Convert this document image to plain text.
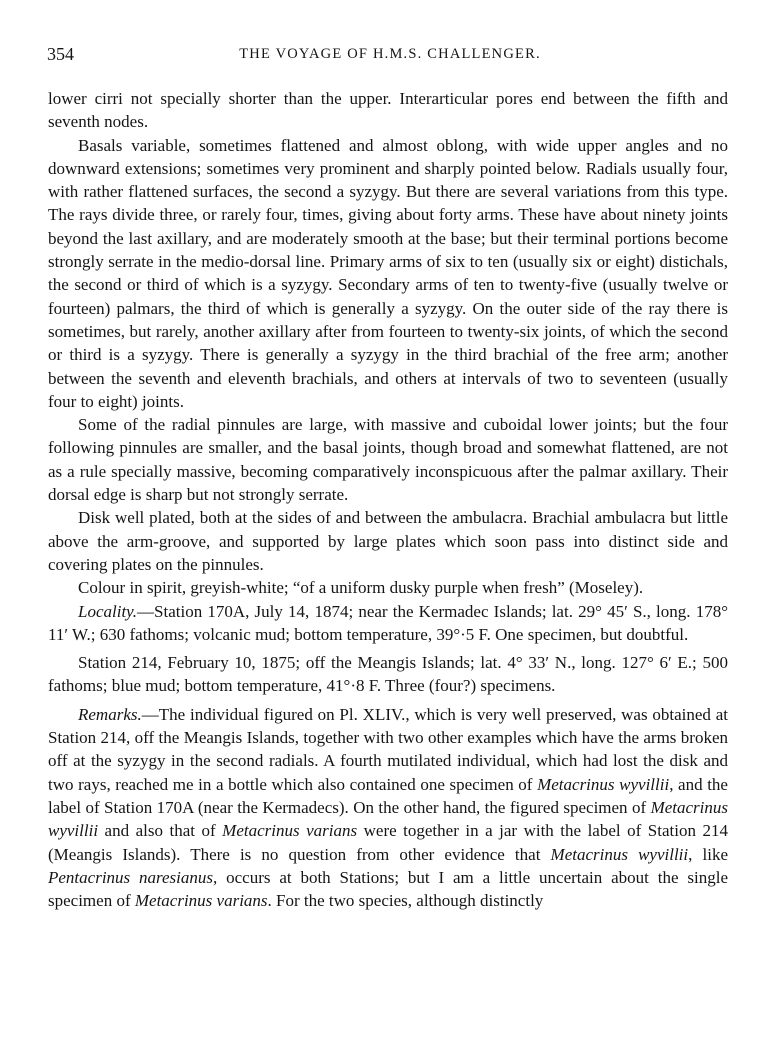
354	THE VOYAGE OF H.M.S. CHALLENGER.

lower cirri not specially shorter than the upper. Interarticular pores end between the fifth and seventh nodes.

Basals variable, sometimes flattened and almost oblong, with wide upper angles and no downward extensions; sometimes very prominent and sharply pointed below. Radials usually four, with rather flattened surfaces, the second a syzygy. But there are several variations from this type. The rays divide three, or rarely four, times, giving about forty arms. These have about ninety joints beyond the last axillary, and are moderately smooth at the base; but their terminal portions become strongly serrate in the medio-dorsal line. Primary arms of six to ten (usually six or eight) distichals, the second or third of which is a syzygy. Secondary arms of ten to twenty-five (usually twelve or fourteen) palmars, the third of which is generally a syzygy. On the outer side of the ray there is sometimes, but rarely, another axillary after from fourteen to twenty-six joints, of which the second or third is a syzygy. There is generally a syzygy in the third brachial of the free arm; another between the seventh and eleventh brachials, and others at intervals of two to seventeen (usually four to eight) joints.

Some of the radial pinnules are large, with massive and cuboidal lower joints; but the four following pinnules are smaller, and the basal joints, though broad and somewhat flattened, are not as a rule specially massive, becoming comparatively inconspicuous after the palmar axillary. Their dorsal edge is sharp but not strongly serrate.

Disk well plated, both at the sides of and between the ambulacra. Brachial ambulacra but little above the arm-groove, and supported by large plates which soon pass into distinct side and covering plates on the pinnules.

Colour in spirit, greyish-white; “of a uniform dusky purple when fresh” (Moseley).

Locality.—Station 170A, July 14, 1874; near the Kermadec Islands; lat. 29° 45′ S., long. 178° 11′ W.; 630 fathoms; volcanic mud; bottom temperature, 39°·5 F. One specimen, but doubtful.

Station 214, February 10, 1875; off the Meangis Islands; lat. 4° 33′ N., long. 127° 6′ E.; 500 fathoms; blue mud; bottom temperature, 41°·8 F. Three (four?) specimens.

Remarks.—The individual figured on Pl. XLIV., which is very well preserved, was obtained at Station 214, off the Meangis Islands, together with two other examples which have the arms broken off at the syzygy in the second radials. A fourth mutilated individual, which had lost the disk and two rays, reached me in a bottle which also contained one specimen of Metacrinus wyvillii, and the label of Station 170A (near the Kermadecs). On the other hand, the figured specimen of Metacrinus wyvillii and also that of Metacrinus varians were together in a jar with the label of Station 214 (Meangis Islands). There is no question from other evidence that Metacrinus wyvillii, like Pentacrinus naresianus, occurs at both Stations; but I am a little uncertain about the single specimen of Metacrinus varians. For the two species, although distinctly
